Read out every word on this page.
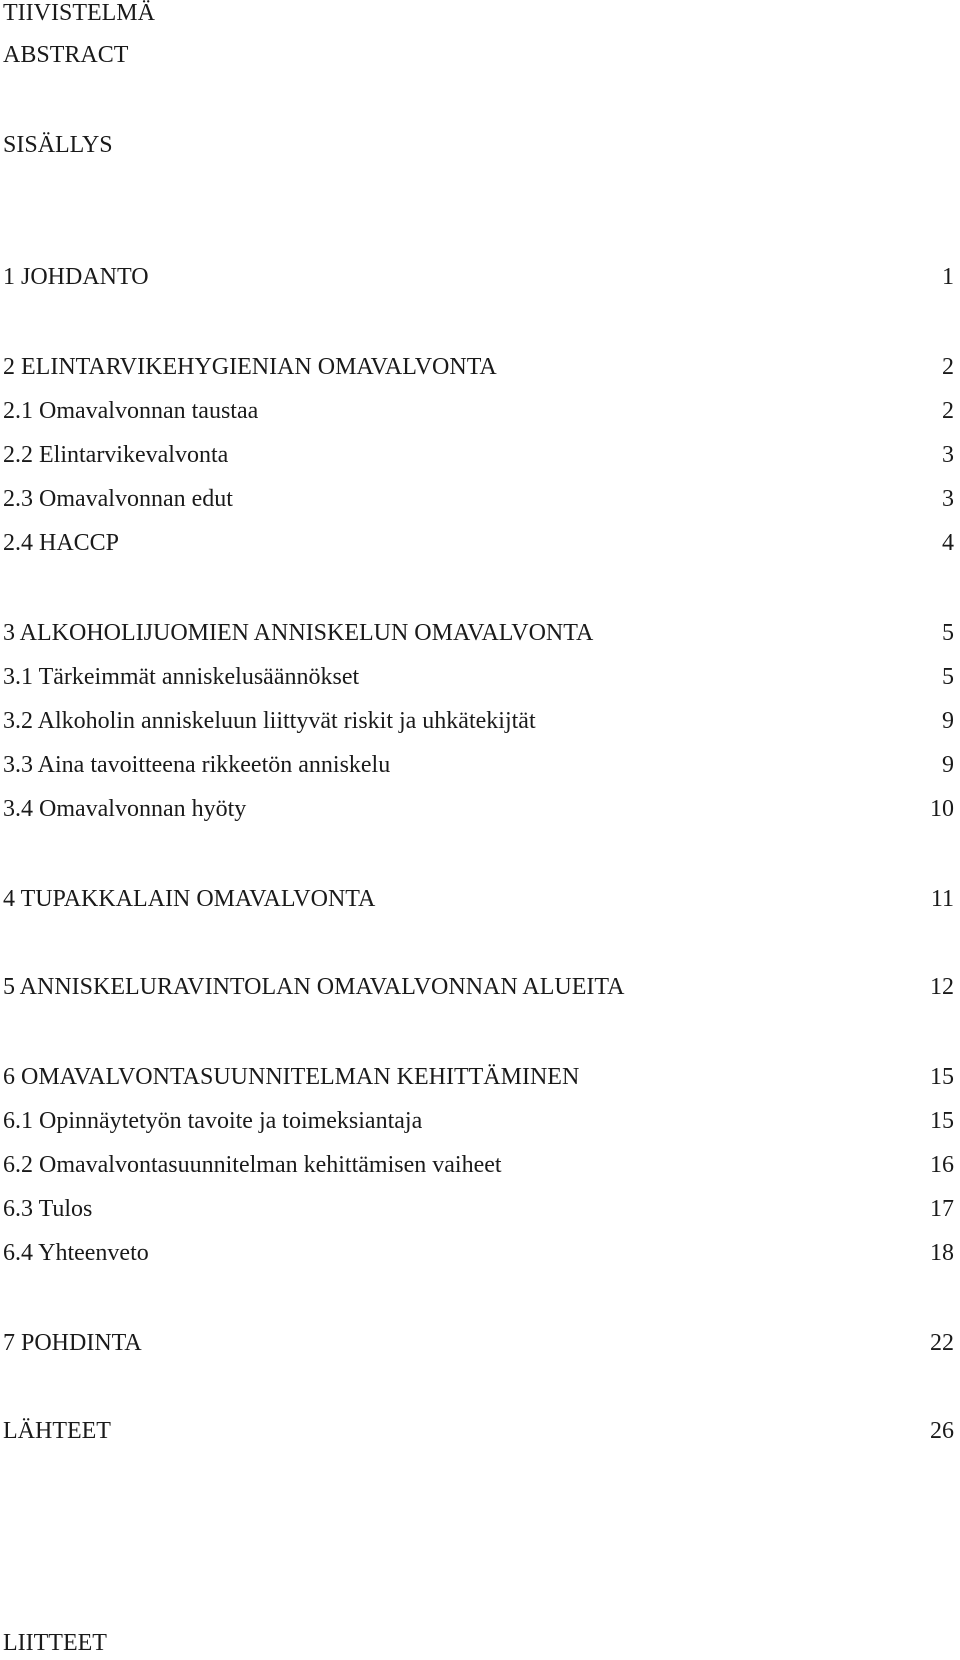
TIIVISTELMÄ
ABSTRACT
SISÄLLYS
1 JOHDANTO	1
2 ELINTARVIKEHYGIENIAN OMAVALVONTA	2
2.1 Omavalvonnan taustaa	2
2.2 Elintarvikevalvonta	3
2.3 Omavalvonnan edut	3
2.4 HACCP	4
3 ALKOHOLIJUOMIEN ANNISKELUN OMAVALVONTA	5
3.1 Tärkeimmät anniskelusäännökset	5
3.2 Alkoholin anniskeluun liittyvät riskit ja uhkätekijtät	9
3.3 Aina tavoitteena rikkeetön anniskelu	9
3.4 Omavalvonnan hyöty	10
4 TUPAKKALAIN OMAVALVONTA	11
5 ANNISKELURAVINTOLAN OMAVALVONNAN ALUEITA	12
6 OMAVALVONTASUUNNITELMAN KEHITTÄMINEN	15
6.1 Opinnäytetyön tavoite ja toimeksiantaja	15
6.2 Omavalvontasuunnitelman kehittämisen vaiheet	16
6.3 Tulos	17
6.4 Yhteenveto	18
7 POHDINTA	22
LÄHTEET	26
LIITTEET
